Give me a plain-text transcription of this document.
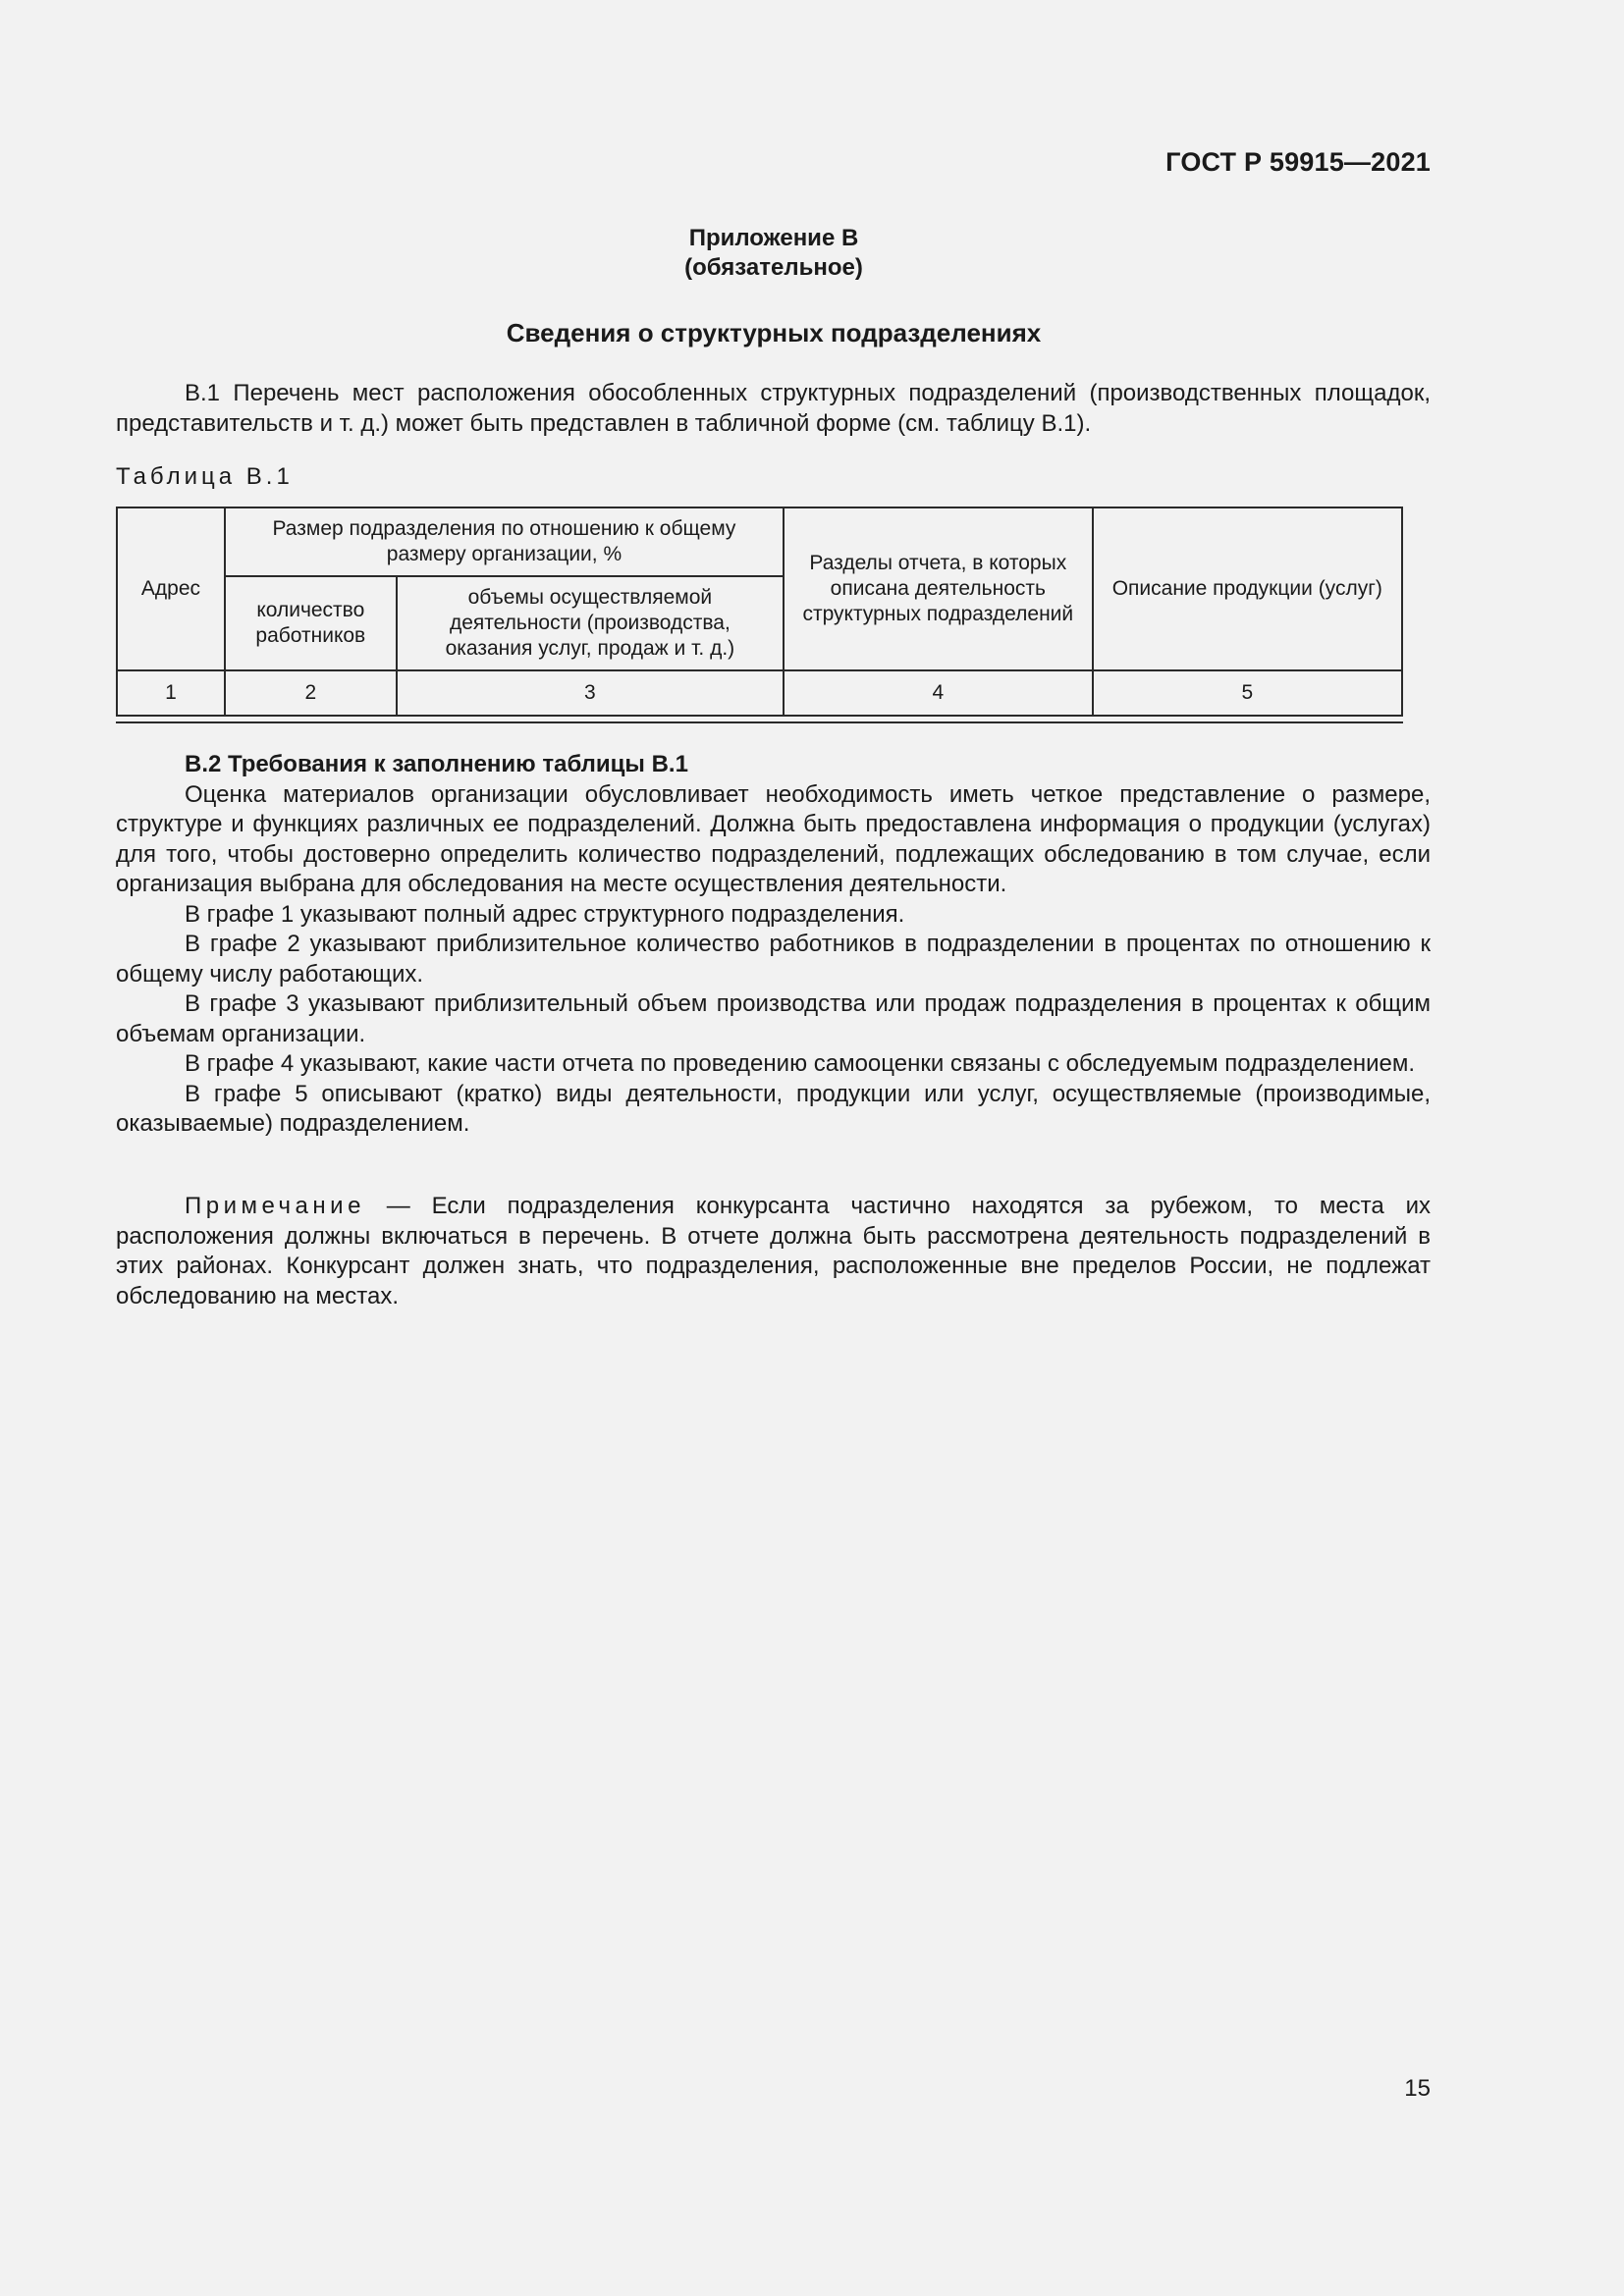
ГОСТ Р 59915—2021
Приложение В
(обязательное)
Сведения о структурных подразделениях

В.1 Перечень мест расположения обособленных структурных подразделений (производственных площадок, представительств и т. д.) может быть представлен в табличной форме (см. таблицу В.1).

Таблица В.1
Адрес	Размер подразделения по отношению к общему размеру организации, %		Разделы отчета, в которых описана деятельность структурных подразделений	Описание продукции (услуг)
	количество работников	объемы осуществляемой деятельности (производства, оказания услуг, продаж и т. д.)		
1	2	3	4	5

В.2 Требования к заполнению таблицы В.1

Оценка материалов организации обусловливает необходимость иметь четкое представление о размере, структуре и функциях различных ее подразделений. Должна быть предоставлена информация о продукции (услугах) для того, чтобы достоверно определить количество подразделений, подлежащих обследованию в том случае, если организация выбрана для обследования на месте осуществления деятельности.

В графе 1 указывают полный адрес структурного подразделения.

В графе 2 указывают приблизительное количество работников в подразделении в процентах по отношению к общему числу работающих.

В графе 3 указывают приблизительный объем производства или продаж подразделения в процентах к общим объемам организации.

В графе 4 указывают, какие части отчета по проведению самооценки связаны с обследуемым подразделением.

В графе 5 описывают (кратко) виды деятельности, продукции или услуг, осуществляемые (производимые, оказываемые) подразделением.

Примечание — Если подразделения конкурсанта частично находятся за рубежом, то места их расположения должны включаться в перечень. В отчете должна быть рассмотрена деятельность подразделений в этих районах. Конкурсант должен знать, что подразделения, расположенные вне пределов России, не подлежат обследованию на местах.

15
